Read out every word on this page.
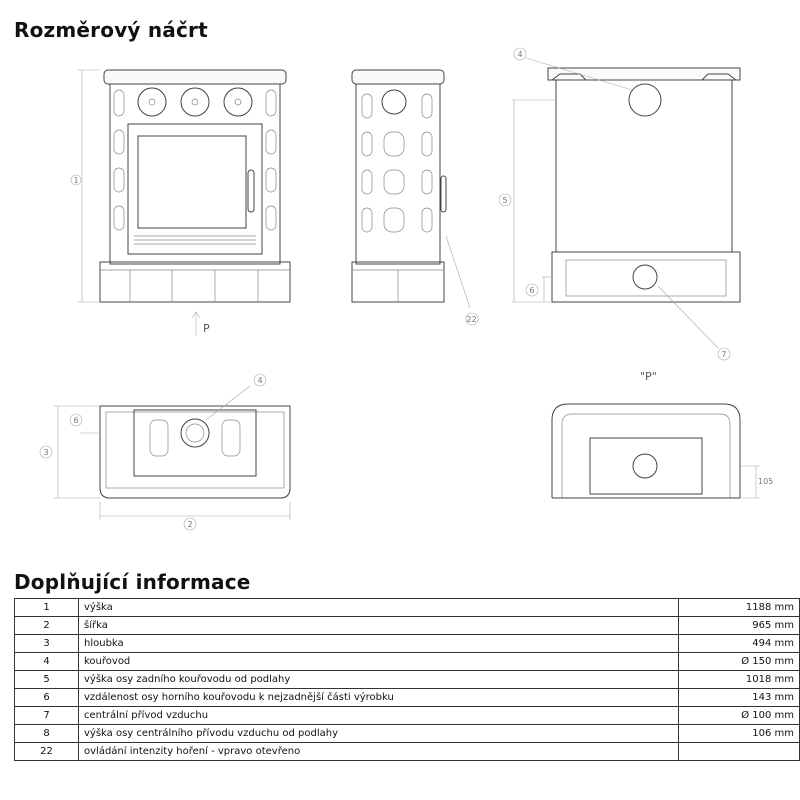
Rozměrový náčrt
1
P
22
5
6
4
7
2
3
6
4	"P"
105
Doplňující informace
1	výška	1188 mm
2	šířka	965 mm
3	hloubka	494 mm
4	kouřovod	Ø 150 mm
5	výška osy zadního kouřovodu od podlahy	1018 mm
6	vzdálenost osy horního kouřovodu k nejzadnější části výrobku	143 mm
7	centrální přívod vzduchu	Ø 100 mm
8	výška osy centrálního přívodu vzduchu od podlahy	106 mm
22	ovládání intenzity hoření - vpravo otevřeno	
